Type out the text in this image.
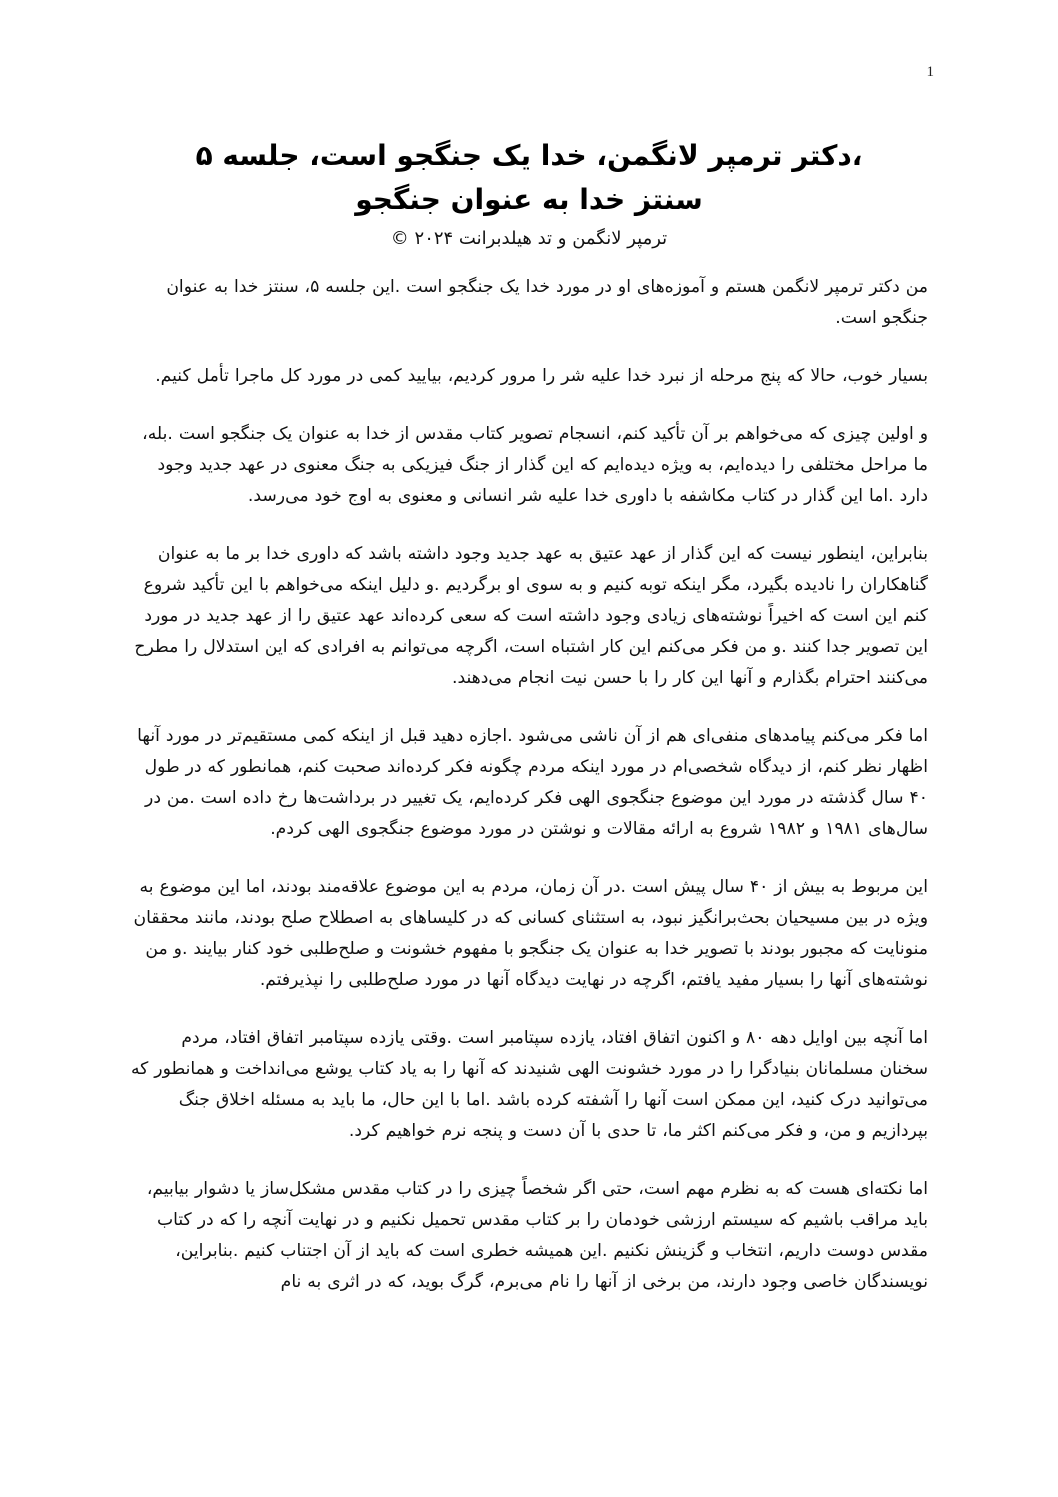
1
،دکتر ترمپر لانگمن، خدا یک جنگجو است، جلسه ۵
سنتز خدا به عنوان جنگجو
ترمپر لانگمن و تد هیلدبرانت ۲۰۲۴ ©

من دکتر ترمپر لانگمن هستم و آموزه‌های او در مورد خدا یک جنگجو است .این جلسه ۵، سنتز خدا به عنوان جنگجو است.

بسیار خوب، حالا که پنج مرحله از نبرد خدا علیه شر را مرور کردیم، بیایید کمی در مورد کل ماجرا تأمل کنیم.

و اولین چیزی که می‌خواهم بر آن تأکید کنم، انسجام تصویر کتاب مقدس از خدا به عنوان یک جنگجو است .بله، ما مراحل مختلفی را دیده‌ایم، به ویژه دیده‌ایم که این گذار از جنگ فیزیکی به جنگ معنوی در عهد جدید وجود دارد .اما این گذار در کتاب مکاشفه با داوری خدا علیه شر انسانی و معنوی به اوج خود می‌رسد.

بنابراین، اینطور نیست که این گذار از عهد عتیق به عهد جدید وجود داشته باشد که داوری خدا بر ما به عنوان گناهکاران را نادیده بگیرد، مگر اینکه توبه کنیم و به سوی او برگردیم .و دلیل اینکه می‌خواهم با این تأکید شروع کنم این است که اخیراً نوشته‌های زیادی وجود داشته است که سعی کرده‌اند عهد عتیق را از عهد جدید در مورد این تصویر جدا کنند .و من فکر می‌کنم این کار اشتباه است، اگرچه می‌توانم به افرادی که این استدلال را مطرح می‌کنند احترام بگذارم و آنها این کار را با حسن نیت انجام می‌دهند.

اما فکر می‌کنم پیامدهای منفی‌ای هم از آن ناشی می‌شود .اجازه دهید قبل از اینکه کمی مستقیم‌تر در مورد آنها اظهار نظر کنم، از دیدگاه شخصی‌ام در مورد اینکه مردم چگونه فکر کرده‌اند صحبت کنم، همانطور که در طول ۴۰ سال گذشته در مورد این موضوع جنگجوی الهی فکر کرده‌ایم، یک تغییر در برداشت‌ها رخ داده است .من در سال‌های ۱۹۸۱ و ۱۹۸۲ شروع به ارائه مقالات و نوشتن در مورد موضوع جنگجوی الهی کردم.

این مربوط به بیش از ۴۰ سال پیش است .در آن زمان، مردم به این موضوع علاقه‌مند بودند، اما این موضوع به ویژه در بین مسیحیان بحث‌برانگیز نبود، به استثنای کسانی که در کلیساهای به اصطلاح صلح بودند، مانند محققان منونایت که مجبور بودند با تصویر خدا به عنوان یک جنگجو با مفهوم خشونت و صلح‌طلبی خود کنار بیایند .و من نوشته‌های آنها را بسیار مفید یافتم، اگرچه در نهایت دیدگاه آنها در مورد صلح‌طلبی را نپذیرفتم.

اما آنچه بین اوایل دهه ۸۰ و اکنون اتفاق افتاد، یازده سپتامبر است .وقتی یازده سپتامبر اتفاق افتاد، مردم سخنان مسلمانان بنیادگرا را در مورد خشونت الهی شنیدند که آنها را به یاد کتاب یوشع می‌انداخت و همانطور که می‌توانید درک کنید، این ممکن است آنها را آشفته کرده باشد .اما با این حال، ما باید به مسئله اخلاق جنگ بپردازیم و من، و فکر می‌کنم اکثر ما، تا حدی با آن دست و پنجه نرم خواهیم کرد.

اما نکته‌ای هست که به نظرم مهم است، حتی اگر شخصاً چیزی را در کتاب مقدس مشکل‌ساز یا دشوار بیابیم، باید مراقب باشیم که سیستم ارزشی خودمان را بر کتاب مقدس تحمیل نکنیم و در نهایت آنچه را که در کتاب مقدس دوست داریم، انتخاب و گزینش نکنیم .این همیشه خطری است که باید از آن اجتناب کنیم .بنابراین، نویسندگان خاصی وجود دارند، من برخی از آنها را نام می‌برم، گرگ بوید، که در اثری به نام
